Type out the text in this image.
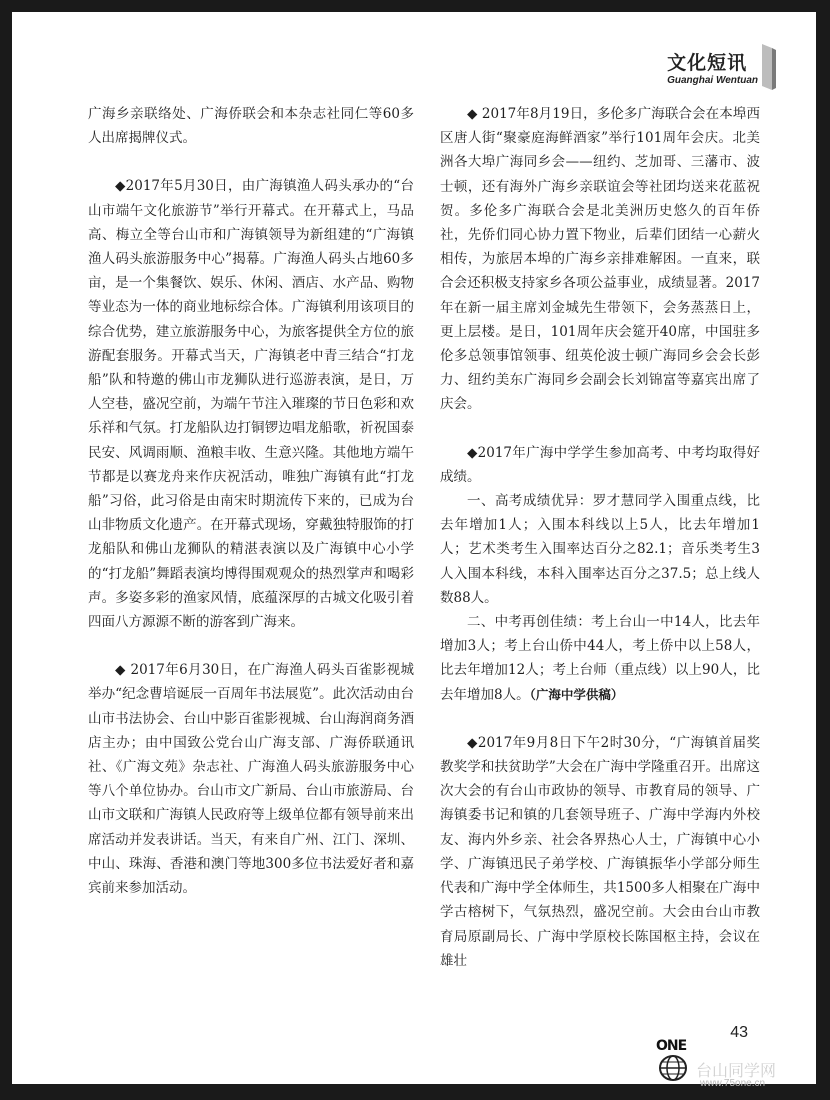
文化短讯
Guanghai Wentuan

广海乡亲联络处、广海侨联会和本杂志社同仁等60多人出席揭牌仪式。

◆2017年5月30日，由广海镇渔人码头承办的“台山市端午文化旅游节”举行开幕式。在开幕式上，马品高、梅立全等台山市和广海镇领导为新组建的“广海镇渔人码头旅游服务中心”揭幕。广海渔人码头占地60多亩，是一个集餐饮、娱乐、休闲、酒店、水产品、购物等业态为一体的商业地标综合体。广海镇利用该项目的综合优势，建立旅游服务中心，为旅客提供全方位的旅游配套服务。开幕式当天，广海镇老中青三结合“打龙船”队和特邀的佛山市龙狮队进行巡游表演，是日，万人空巷，盛况空前，为端午节注入璀璨的节日色彩和欢乐祥和气氛。打龙船队边打铜锣边唱龙船歌，祈祝国泰民安、风调雨顺、渔粮丰收、生意兴隆。其他地方端午节都是以赛龙舟来作庆祝活动，唯独广海镇有此“打龙船”习俗，此习俗是由南宋时期流传下来的，已成为台山非物质文化遗产。在开幕式现场，穿戴独特服饰的打龙船队和佛山龙狮队的精湛表演以及广海镇中心小学的“打龙船”舞蹈表演均博得围观观众的热烈掌声和喝彩声。多姿多彩的渔家风情，底蕴深厚的古城文化吸引着四面八方源源不断的游客到广海来。

◆ 2017年6月30日，在广海渔人码头百雀影视城举办“纪念曹培诞辰一百周年书法展览”。此次活动由台山市书法协会、台山中影百雀影视城、台山海润商务酒店主办；由中国致公党台山广海支部、广海侨联通讯社、《广海文苑》杂志社、广海渔人码头旅游服务中心等八个单位协办。台山市文广新局、台山市旅游局、台山市文联和广海镇人民政府等上级单位都有领导前来出席活动并发表讲话。当天，有来自广州、江门、深圳、中山、珠海、香港和澳门等地300多位书法爱好者和嘉宾前来参加活动。

◆ 2017年8月19日，多伦多广海联合会在本埠西区唐人街“聚豪庭海鲜酒家”举行101周年会庆。北美洲各大埠广海同乡会——纽约、芝加哥、三藩市、波士顿，还有海外广海乡亲联谊会等社团均送来花蓝祝贺。多伦多广海联合会是北美洲历史悠久的百年侨社，先侨们同心协力置下物业，后辈们团结一心薪火相传，为旅居本埠的广海乡亲排难解困。一直来，联合会还积极支持家乡各项公益事业，成绩显著。2017年在新一届主席刘金城先生带领下，会务蒸蒸日上，更上层楼。是日，101周年庆会筵开40席，中国驻多伦多总领事馆领事、纽英伦波士顿广海同乡会会长彭力、纽约美东广海同乡会副会长刘锦富等嘉宾出席了庆会。

◆2017年广海中学学生参加高考、中考均取得好成绩。

一、高考成绩优异：罗才慧同学入围重点线，比去年增加1人；入围本科线以上5人，比去年增加1人；艺术类考生入围率达百分之82.1；音乐类考生3人入围本科线，本科入围率达百分之37.5；总上线人数88人。

二、中考再创佳绩：考上台山一中14人，比去年增加3人；考上台山侨中44人，考上侨中以上58人，比去年增加12人；考上台师（重点线）以上90人，比去年增加8人。（广海中学供稿）

◆2017年9月8日下午2时30分，“广海镇首届奖教奖学和扶贫助学”大会在广海中学隆重召开。出席这次大会的有台山市政协的领导、市教育局的领导、广海镇委书记和镇的几套领导班子、广海中学海内外校友、海内外乡亲、社会各界热心人士，广海镇中心小学、广海镇迅民子弟学校、广海镇振华小学部分师生代表和广海中学全体师生，共1500多人相聚在广海中学古榕树下，气氛热烈，盛况空前。大会由台山市教育局原副局长、广海中学原校长陈国枢主持，会议在雄壮

43
ONE
台山同学网
www.75one.cn
